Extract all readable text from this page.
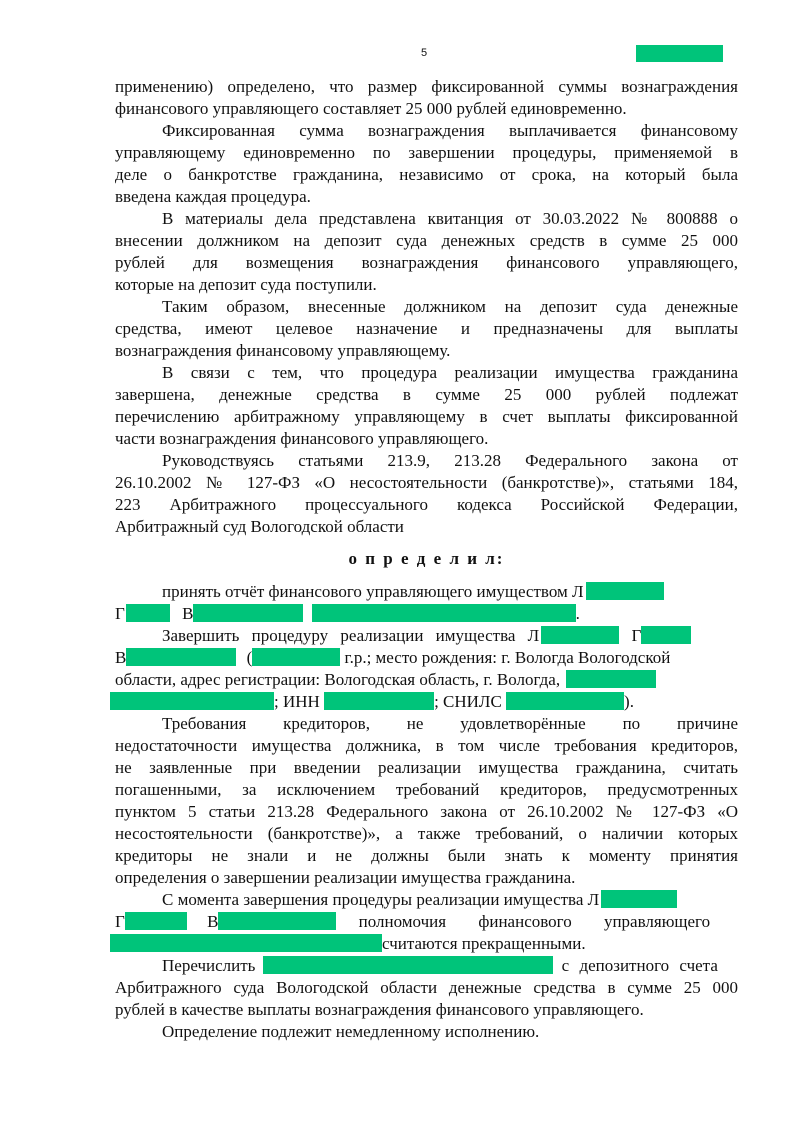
5
применению) определено, что размер фиксированной суммы вознаграждения
финансового управляющего составляет 25 000 рублей единовременно.
Фиксированная сумма вознаграждения выплачивается финансовому
управляющему единовременно по завершении процедуры, применяемой в
деле о банкротстве гражданина, независимо от срока, на который была
введена каждая процедура.
В материалы дела представлена квитанция от 30.03.2022 № 800888 о
внесении должником на депозит суда денежных средств в сумме 25 000
рублей для возмещения вознаграждения финансового управляющего,
которые на депозит суда поступили.
Таким образом, внесенные должником на депозит суда денежные
средства, имеют целевое назначение и предназначены для выплаты
вознаграждения финансовому управляющему.
В связи с тем, что процедура реализации имущества гражданина
завершена, денежные средства в сумме 25 000 рублей подлежат
перечислению арбитражному управляющему в счет выплаты фиксированной
части вознаграждения финансового управляющего.
Руководствуясь статьями 213.9, 213.28 Федерального закона от
26.10.2002 № 127-ФЗ «О несостоятельности (банкротстве)», статьями 184,
223 Арбитражного процессуального кодекса Российской Федерации,
Арбитражный суд Вологодской области
о п р е д е л и л:
принять отчёт финансового управляющего имуществом Л
Г	В	.
Завершить процедуру реализации имущества Л	Г
В	(	г.р.; место рождения: г. Вологда Вологодской
области, адрес регистрации: Вологодская область, г. Вологда,
; ИНН	; СНИЛС	).
Требования кредиторов, не удовлетворённые по причине
недостаточности имущества должника, в том числе требования кредиторов,
не заявленные при введении реализации имущества гражданина, считать
погашенными, за исключением требований кредиторов, предусмотренных
пунктом 5 статьи 213.28 Федерального закона от 26.10.2002 № 127-ФЗ «О
несостоятельности (банкротстве)», а также требований, о наличии которых
кредиторы не знали и не должны были знать к моменту принятия
определения о завершении реализации имущества гражданина.
С момента завершения процедуры реализации имущества Л
Г	В	полномочия финансового управляющего
считаются прекращенными.
Перечислить	с депозитного счета
Арбитражного суда Вологодской области денежные средства в сумме 25 000
рублей в качестве выплаты вознаграждения финансового управляющего.
Определение подлежит немедленному исполнению.
